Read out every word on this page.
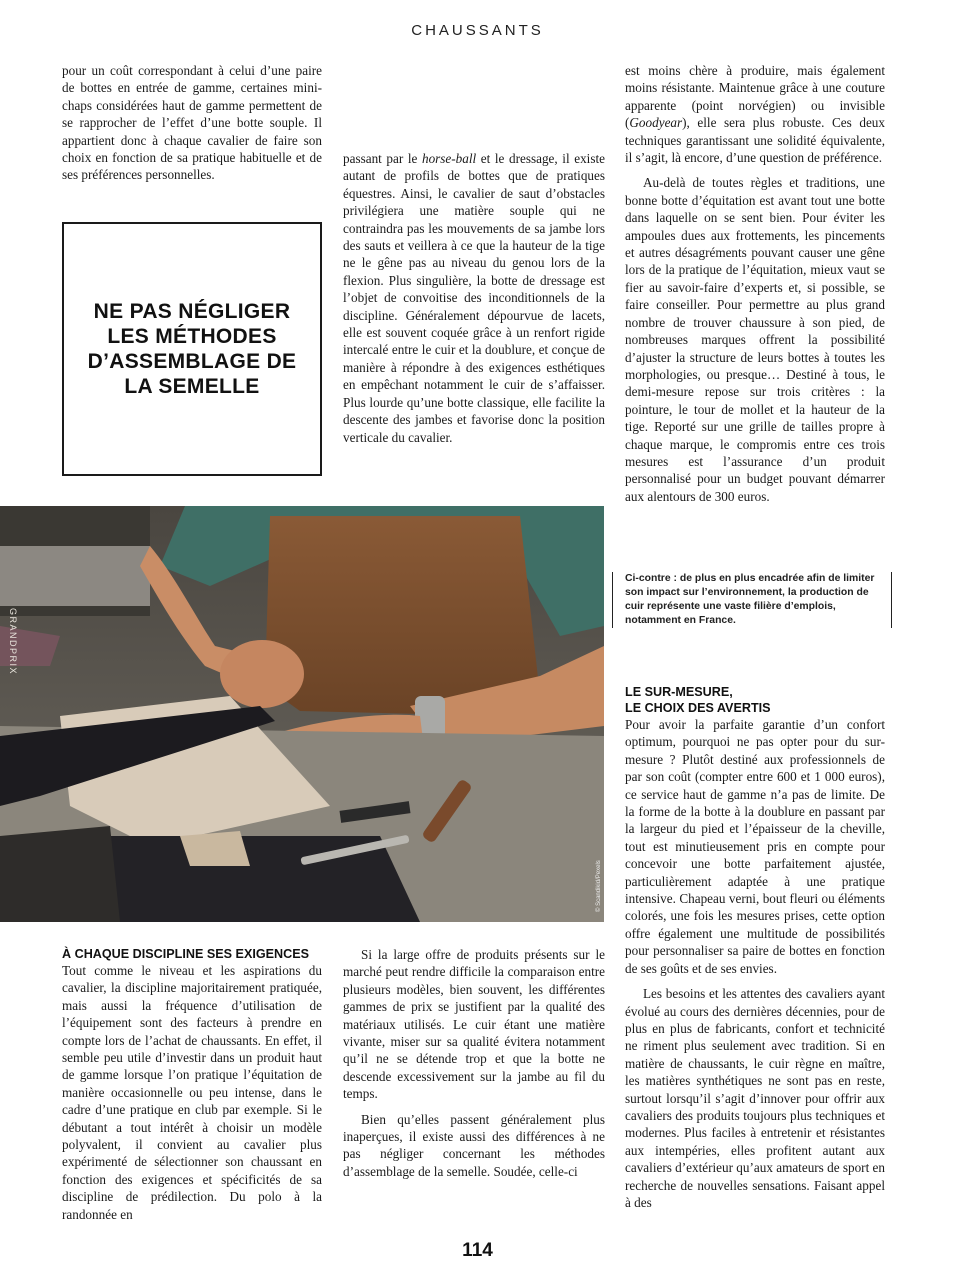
CHAUSSANTS

pour un coût correspondant à celui d’une paire de bottes en entrée de gamme, certaines mini-chaps considérées haut de gamme permettent de se rapprocher de l’effet d’une botte souple. Il appartient donc à chaque cavalier de faire son choix en fonction de sa pratique habituelle et de ses préférences personnelles.

NE PAS NÉGLIGER LES MÉTHODES D’ASSEMBLAGE DE LA SEMELLE

passant par le horse-ball et le dressage, il existe autant de profils de bottes que de pratiques équestres. Ainsi, le cavalier de saut d’obstacles privilégiera une matière souple qui ne contraindra pas les mouvements de sa jambe lors des sauts et veillera à ce que la hauteur de la tige ne le gêne pas au niveau du genou lors de la flexion. Plus singulière, la botte de dressage est l’objet de convoitise des inconditionnels de la discipline. Généralement dépourvue de lacets, elle est souvent coquée grâce à un renfort rigide intercalé entre le cuir et la doublure, et conçue de manière à répondre à des exigences esthétiques en empêchant notamment le cuir de s’affaisser. Plus lourde qu’une botte classique, elle facilite la descente des jambes et favorise donc la position verticale du cavalier.

est moins chère à produire, mais également moins résistante. Maintenue grâce à une couture apparente (point norvégien) ou invisible (Goodyear), elle sera plus robuste. Ces deux techniques garantissant une solidité équivalente, il s’agit, là encore, d’une question de préférence.

Au-delà de toutes règles et traditions, une bonne botte d’équitation est avant tout une botte dans laquelle on se sent bien. Pour éviter les ampoules dues aux frottements, les pincements et autres désagréments pouvant causer une gêne lors de la pratique de l’équitation, mieux vaut se fier au savoir-faire d’experts et, si possible, se faire conseiller. Pour permettre au plus grand nombre de trouver chaussure à son pied, de nombreuses marques offrent la possibilité d’ajuster la structure de leurs bottes à toutes les morphologies, ou presque… Destiné à tous, le demi-mesure repose sur trois critères : la pointure, le tour de mollet et la hauteur de la tige. Reporté sur une grille de tailles propre à chaque marque, le compromis entre ces trois mesures est l’assurance d’un produit personnalisé pour un budget pouvant démarrer aux alentours de 300 euros.

GRANDPRIX
© Scandikid/Pexels
Ci-contre : de plus en plus encadrée afin de limiter son impact sur l’environnement, la production de cuir représente une vaste filière d’emplois, notamment en France.
LE SUR-MESURE,
LE CHOIX DES AVERTIS

Pour avoir la parfaite garantie d’un confort optimum, pourquoi ne pas opter pour du sur-mesure ? Plutôt destiné aux professionnels de par son coût (compter entre 600 et 1 000 euros), ce service haut de gamme n’a pas de limite. De la forme de la botte à la doublure en passant par la largeur du pied et l’épaisseur de la cheville, tout est minutieusement pris en compte pour concevoir une botte parfaitement ajustée, particulièrement adaptée à une pratique intensive. Chapeau verni, bout fleuri ou éléments colorés, une fois les mesures prises, cette option offre également une multitude de possibilités pour personnaliser sa paire de bottes en fonction de ses goûts et de ses envies.

Les besoins et les attentes des cavaliers ayant évolué au cours des dernières décennies, pour de plus en plus de fabricants, confort et technicité ne riment plus seulement avec tradition. Si en matière de chaussants, le cuir règne en maître, les matières synthétiques ne sont pas en reste, surtout lorsqu’il s’agit d’innover pour offrir aux cavaliers des produits toujours plus techniques et modernes. Plus faciles à entretenir et résistantes aux intempéries, elles profitent autant aux cavaliers d’extérieur qu’aux amateurs de sport en recherche de nouvelles sensations. Faisant appel à des

À CHAQUE DISCIPLINE SES EXIGENCES

Tout comme le niveau et les aspirations du cavalier, la discipline majoritairement pratiquée, mais aussi la fréquence d’utilisation de l’équipement sont des facteurs à prendre en compte lors de l’achat de chaussants. En effet, il semble peu utile d’investir dans un produit haut de gamme lorsque l’on pratique l’équitation de manière occasionnelle ou peu intense, dans le cadre d’une pratique en club par exemple. Si le débutant a tout intérêt à choisir un modèle polyvalent, il convient au cavalier plus expérimenté de sélectionner son chaussant en fonction des exigences et spécificités de sa discipline de prédilection. Du polo à la randonnée en

Si la large offre de produits présents sur le marché peut rendre difficile la comparaison entre plusieurs modèles, bien souvent, les différentes gammes de prix se justifient par la qualité des matériaux utilisés. Le cuir étant une matière vivante, miser sur sa qualité évitera notamment qu’il ne se détende trop et que la botte ne descende excessivement sur la jambe au fil du temps.

Bien qu’elles passent généralement plus inaperçues, il existe aussi des différences à ne pas négliger concernant les méthodes d’assemblage de la semelle. Soudée, celle-ci

114
